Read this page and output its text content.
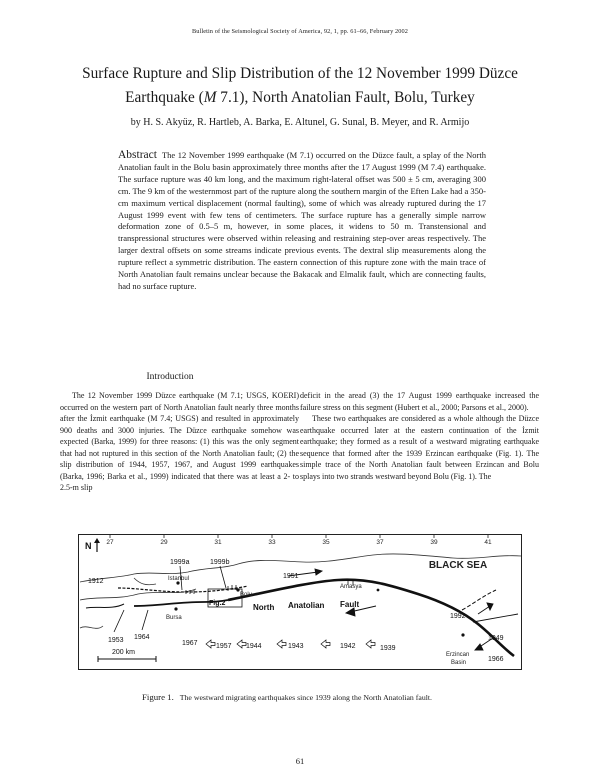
Bulletin of the Seismological Society of America, 92, 1, pp. 61–66, February 2002
Surface Rupture and Slip Distribution of the 12 November 1999 Düzce
Earthquake (M 7.1), North Anatolian Fault, Bolu, Turkey
by H. S. Akyüz, R. Hartleb, A. Barka, E. Altunel, G. Sunal, B. Meyer, and R. Armijo
Abstract The 12 November 1999 earthquake (M 7.1) occurred on the Düzce fault, a splay of the North Anatolian fault in the Bolu basin approximately three months after the 17 August 1999 (M 7.4) earthquake. The surface rupture was 40 km long, and the maximum right-lateral offset was 500 ± 5 cm, averaging 300 cm. The 9 km of the westernmost part of the rupture along the southern margin of the Eften Lake had a 350-cm maximum vertical displacement (normal faulting), some of which was already ruptured during the 17 August 1999 event with few tens of centimeters. The surface rupture has a generally simple narrow deformation zone of 0.5–5 m, however, in some places, it widens to 50 m. Transtensional and transpressional structures were observed within releasing and restraining step-over areas respectively. The larger dextral offsets on some streams indicate previous events. The dextral slip measurements along the rupture reflect a symmetric distribution. The eastern connection of this rupture zone with the main trace of North Anatolian fault remains unclear because the Bakacak and Elmalik fault, which are connecting faults, had no surface rupture.
Introduction

The 12 November 1999 Düzce earthquake (M 7.1; USGS, KOERI) occurred on the western part of North Anatolian fault nearly three months after the İzmit earthquake (M 7.4; USGS) and resulted in approximately 900 deaths and 3000 injuries. The Düzce earthquake somehow was expected (Barka, 1999) for three reasons: (1) this was the only segment that had not ruptured in this section of the North Anatolian fault; (2) the slip distribution of 1944, 1957, 1967, and August 1999 earthquakes (Barka, 1996; Barka et al., 1999) indicated that there was at least a 2- to 2.5-m slip

deficit in the aread (3) the 17 August 1999 earthquake increased the failure stress on this segment (Hubert et al., 2000; Parsons et al., 2000).

These two earthquakes are considered as a whole although the Düzce earthquake occurred later at the eastern continuation of the İzmit earthquake; they formed as a result of a westward migrating earthquake sequence that formed after the 1939 Erzincan earthquake (Fig. 1). The simple trace of the North Anatolian fault between Erzincan and Bolu splays into two strands westward beyond Bolu (Fig. 1). The

27	29	31	33	35	37	39	41
N
BLACK SEA
Fig.2
Istanbul
Bolu
Bursa
Amasya
Erzincan
Basin
North Anatolian Fault
1999a	1999b
1951
1912
1953 1964
1992
1949
1966
1967	1957 1944	1943	1942	1939
200 km
Figure 1. The westward migrating earthquakes since 1939 along the North Anatolian fault.
61
